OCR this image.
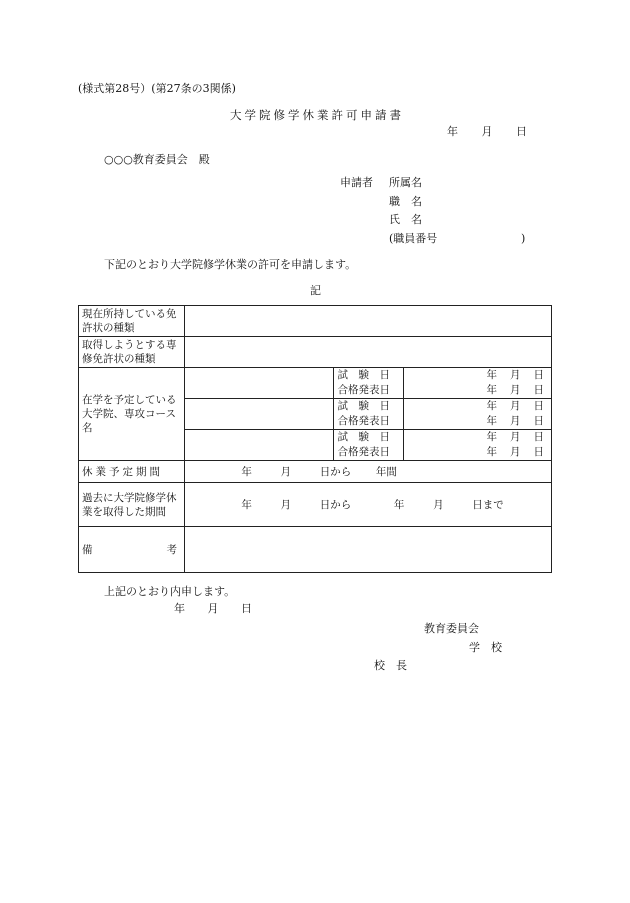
(様式第28号）(第27条の3関係)
大学院修学休業許可申請書
年 月 日
○○○教育委員会　殿
申請者 所属名
職　名
氏　名
(職員番号	)
下記のとおり大学院修学休業の許可を申請します。
記
現在所持している免許状の種類	
取得しようとする専修免許状の種類	
在学を予定している大学院、専攻コース名	
	試　験　日	年 月 日

合格発表日	年 月 日

	試　験　日	年 月 日

合格発表日	年 月 日

	試　験　日	年 月 日

合格発表日	年 月 日

休業予定期間	年	月	日から 年間
過去に大学院修学休業を取得した期間	年	月	日から	年	月	日まで

備	考

上記のとおり内申します。
年 月 日
教育委員会
学　校
校　長
